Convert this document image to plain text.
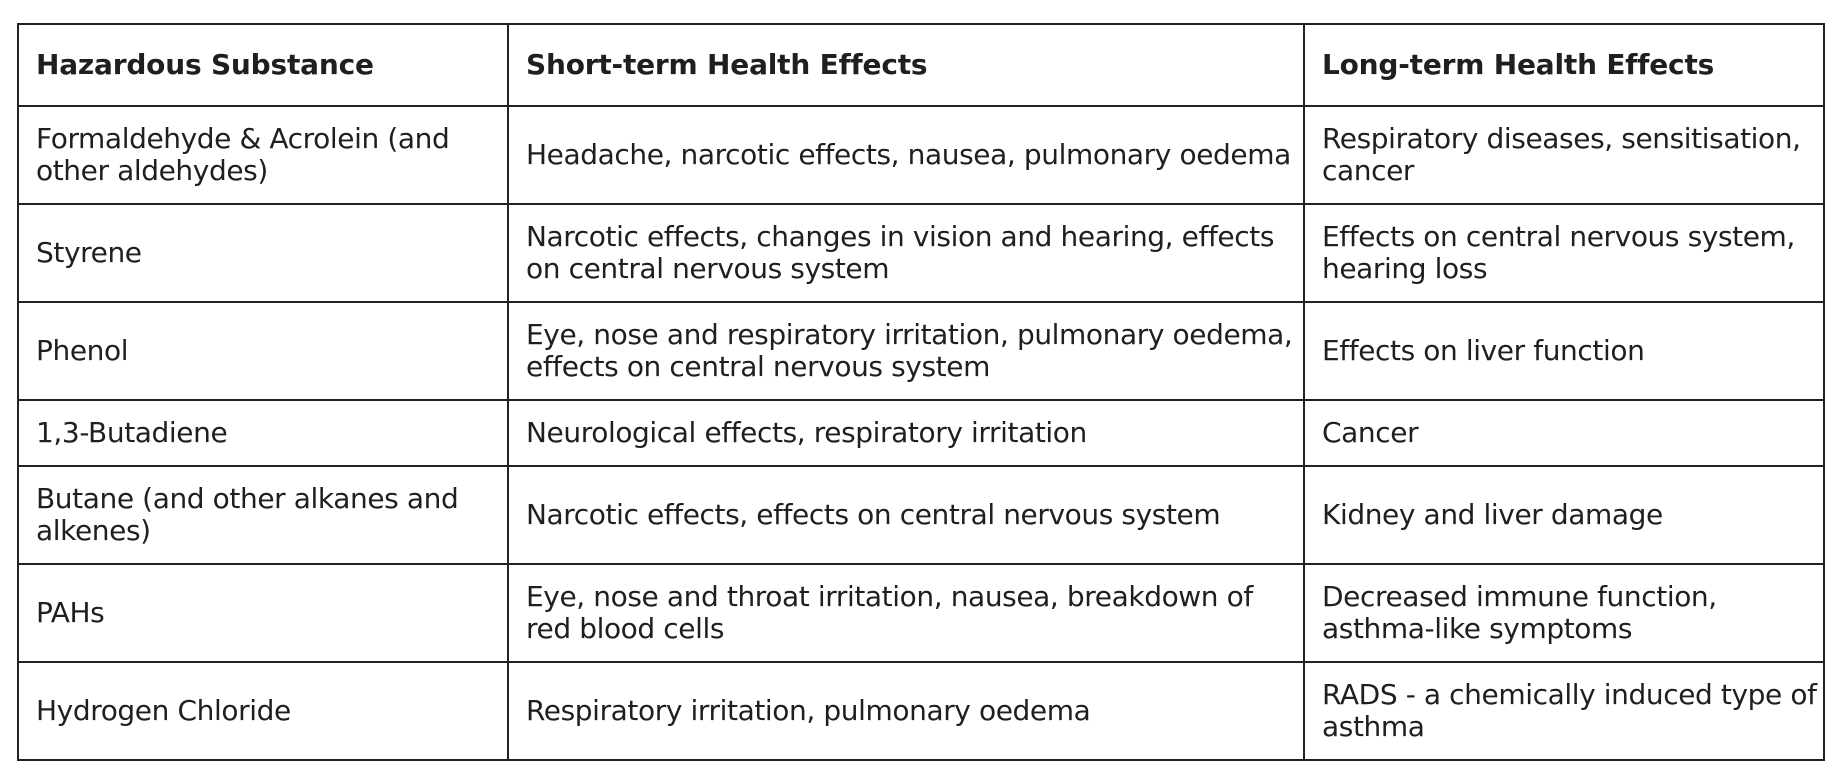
Hazardous Substance	Short-term Health Effects	Long-term Health Effects

Formaldehyde & Acrolein (and other aldehydes)	Headache, narcotic effects, nausea, pulmonary oedema	Respiratory diseases, sensitisation, cancer

Styrene	Narcotic effects, changes in vision and hearing, effects on central nervous system	Effects on central nervous system, hearing loss

Phenol	Eye, nose and respiratory irritation, pulmonary oedema, effects on central nervous system	Effects on liver function

1,3-Butadiene	Neurological effects, respiratory irritation	Cancer

Butane (and other alkanes and alkenes)	Narcotic effects, effects on central nervous system	Kidney and liver damage

PAHs	Eye, nose and throat irritation, nausea, breakdown of red blood cells	Decreased immune function, asthma-like symptoms

Hydrogen Chloride	Respiratory irritation, pulmonary oedema	RADS - a chemically induced type of asthma
